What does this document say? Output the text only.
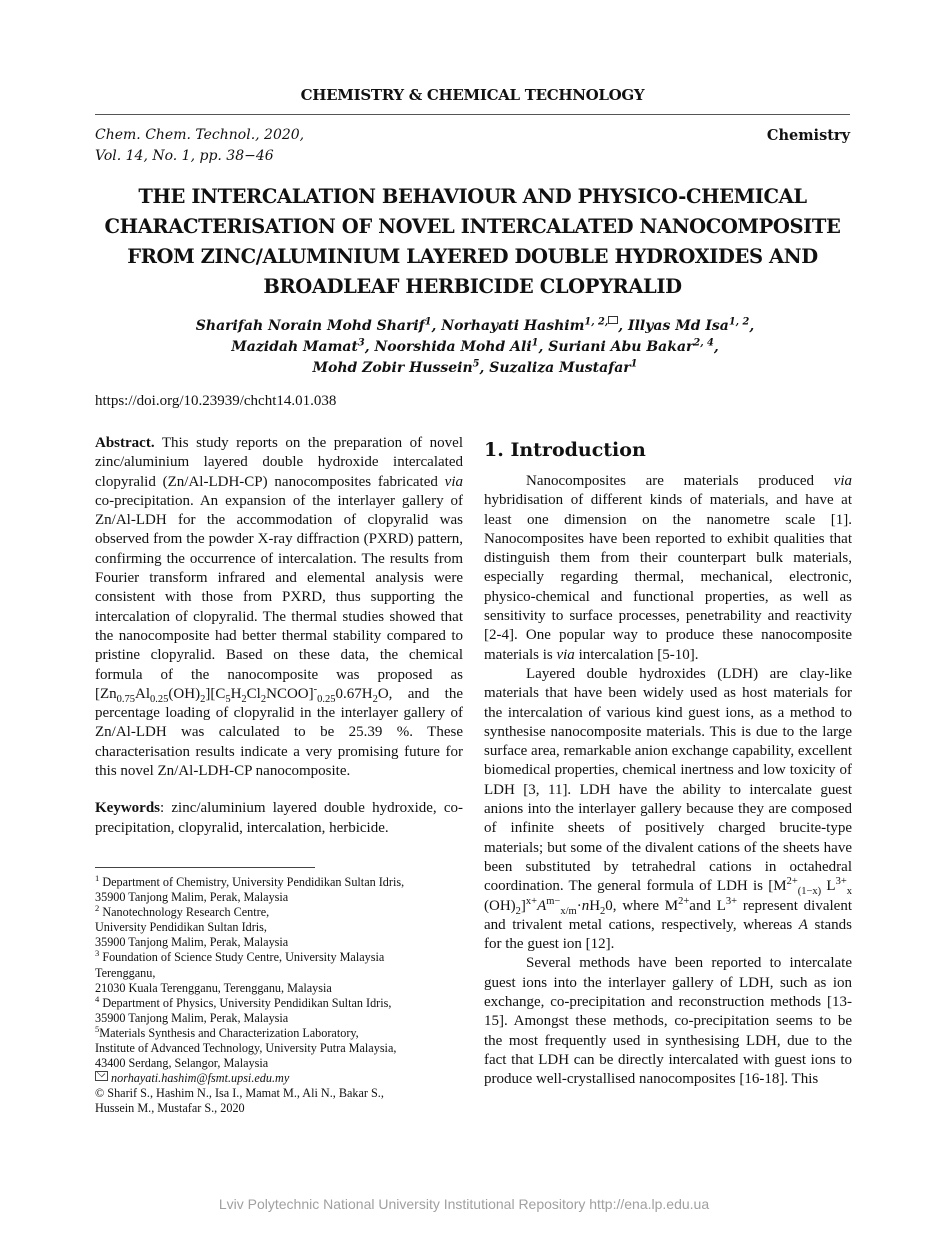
CHEMISTRY & CHEMICAL TECHNOLOGY
Chem. Chem. Technol., 2020,
Vol. 14, No. 1, pp. 38−46
Chemistry
THE INTERCALATION BEHAVIOUR AND PHYSICO-CHEMICAL
CHARACTERISATION OF NOVEL INTERCALATED NANOCOMPOSITE
FROM ZINC/ALUMINIUM LAYERED DOUBLE HYDROXIDES AND
BROADLEAF HERBICIDE CLOPYRALID
Sharifah Norain Mohd Sharif$^1$, Norhayati Hashim$^{1, 2,}$ , Illyas Md Isa$^{1, 2}$,
Mazidah Mamat$^3$, Noorshida Mohd Ali$^1$, Suriani Abu Bakar$^{2, 4}$,
Mohd Zobir Hussein$^5$, Suzaliza Mustafar$^1$
https://doi.org/10.23939/chcht14.01.038

Abstract. This study reports on the preparation of novel zinc/aluminium layered double hydroxide intercalated clopyralid (Zn/Al-LDH-CP) nanocomposites fabricated via co-precipitation. An expansion of the interlayer gallery of Zn/Al-LDH for the accommodation of clopyralid was observed from the powder X-ray diffraction (PXRD) pattern, confirming the occurrence of intercalation. The results from Fourier transform infrared and elemental analysis were consistent with those from PXRD, thus supporting the intercalation of clopyralid. The thermal studies showed that the nanocomposite had better thermal stability compared to pristine clopyralid. Based on these data, the chemical formula of the nanocomposite was proposed as $[Zn_{0.75}Al_{0.25}(OH)_2][C_5H_2Cl_2NCOO]^-_{0.25}0.67H_2O$, and the percentage loading of clopyralid in the interlayer gallery of Zn/Al-LDH was calculated to be 25.39 %. These characterisation results indicate a very promising future for this novel Zn/Al-LDH-CP nanocomposite.

Keywords: zinc/aluminium layered double hydroxide, co-precipitation, clopyralid, intercalation, herbicide.

$^1$ Department of Chemistry, University Pendidikan Sultan Idris,
35900 Tanjong Malim, Perak, Malaysia
$^2$ Nanotechnology Research Centre,
University Pendidikan Sultan Idris,
35900 Tanjong Malim, Perak, Malaysia
$^3$ Foundation of Science Study Centre, University Malaysia
Terengganu,
21030 Kuala Terengganu, Terengganu, Malaysia
$^4$ Department of Physics, University Pendidikan Sultan Idris,
35900 Tanjong Malim, Perak, Malaysia
$^5$Materials Synthesis and Characterization Laboratory,
Institute of Advanced Technology, University Putra Malaysia,
43400 Serdang, Selangor, Malaysia
norhayati.hashim@fsmt.upsi.edu.my
© Sharif S., Hashim N., Isa I., Mamat M., Ali N., Bakar S.,
Hussein M., Mustafar S., 2020
1. Introduction

Nanocomposites are materials produced via hybridisation of different kinds of materials, and have at least one dimension on the nanometre scale [1]. Nanocomposites have been reported to exhibit qualities that distinguish them from their counterpart bulk materials, especially regarding thermal, mechanical, electronic, physico-chemical and functional properties, as well as sensitivity to surface processes, penetrability and reactivity [2-4]. One popular way to produce these nanocomposite materials is via intercalation [5-10].

Layered double hydroxides (LDH) are clay-like materials that have been widely used as host materials for the intercalation of various kind guest ions, as a method to synthesise nanocomposite materials. This is due to the large surface area, remarkable anion exchange capability, excellent biomedical properties, chemical inertness and low toxicity of LDH [3, 11]. LDH have the ability to intercalate guest anions into the interlayer gallery because they are composed of infinite sheets of positively charged brucite-type materials; but some of the divalent cations of the sheets have been substituted by tetrahedral cations in octahedral coordination. The general formula of LDH is [$M^{2+}_{(1-x)}$ $L^{3+}_x$ $(OH)_2]^{x+}A^{m-}_{x/m}\cdot nH_20$, where $M^{2+}and$ $L^{3+}$ represent divalent and trivalent metal cations, respectively, whereas A stands for the guest ion [12].

Several methods have been reported to intercalate guest ions into the interlayer gallery of LDH, such as ion exchange, co-precipitation and reconstruction methods [13-15]. Amongst these methods, co-precipitation seems to be the most frequently used in synthesising LDH, due to the fact that LDH can be directly intercalated with guest ions to produce well-crystallised nanocomposites [16-18]. This

Lviv Polytechnic National University Institutional Repository http://ena.lp.edu.ua
